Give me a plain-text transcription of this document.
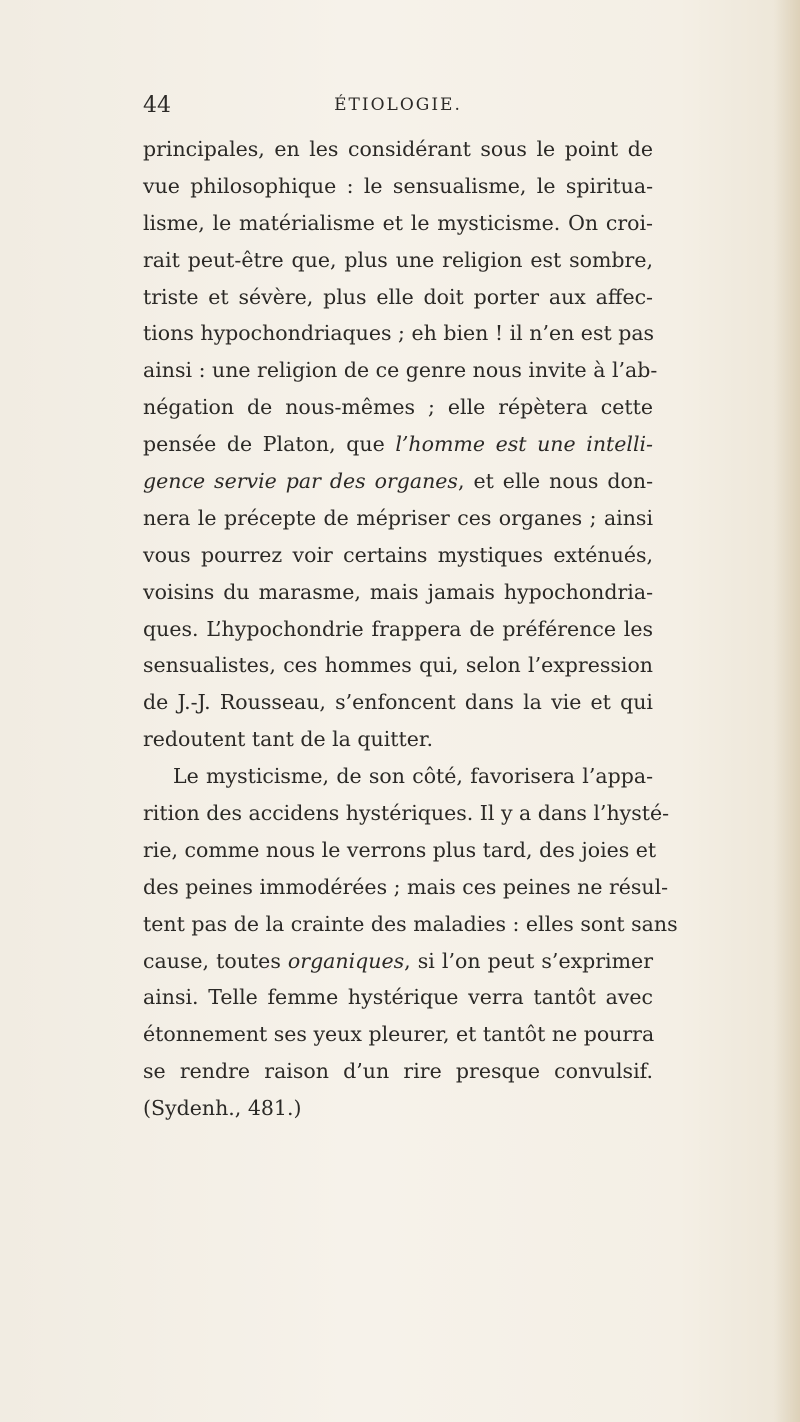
44	ÉTIOLOGIE.
principales, en les considérant sous le point de
vue philosophique : le sensualisme, le spiritua-
lisme, le matérialisme et le mysticisme. On croi-
rait peut-être que, plus une religion est sombre,
triste et sévère, plus elle doit porter aux affec-
tions hypochondriaques ; eh bien ! il n’en est pas
ainsi : une religion de ce genre nous invite à l’ab-
négation de nous-mêmes ; elle répètera cette
pensée de Platon, que l’homme est une intelli-
gence servie par des organes, et elle nous don-
nera le précepte de mépriser ces organes ; ainsi
vous pourrez voir certains mystiques exténués,
voisins du marasme, mais jamais hypochondria-
ques. L’hypochondrie frappera de préférence les
sensualistes, ces hommes qui, selon l’expression
de J.-J. Rousseau, s’enfoncent dans la vie et qui
redoutent tant de la quitter.
Le mysticisme, de son côté, favorisera l’appa-
rition des accidens hystériques. Il y a dans l’hysté-
rie, comme nous le verrons plus tard, des joies et
des peines immodérées ; mais ces peines ne résul-
tent pas de la crainte des maladies : elles sont sans
cause, toutes organiques, si l’on peut s’exprimer
ainsi. Telle femme hystérique verra tantôt avec
étonnement ses yeux pleurer, et tantôt ne pourra
se rendre raison d’un rire presque convulsif.
(Sydenh., 481.)
